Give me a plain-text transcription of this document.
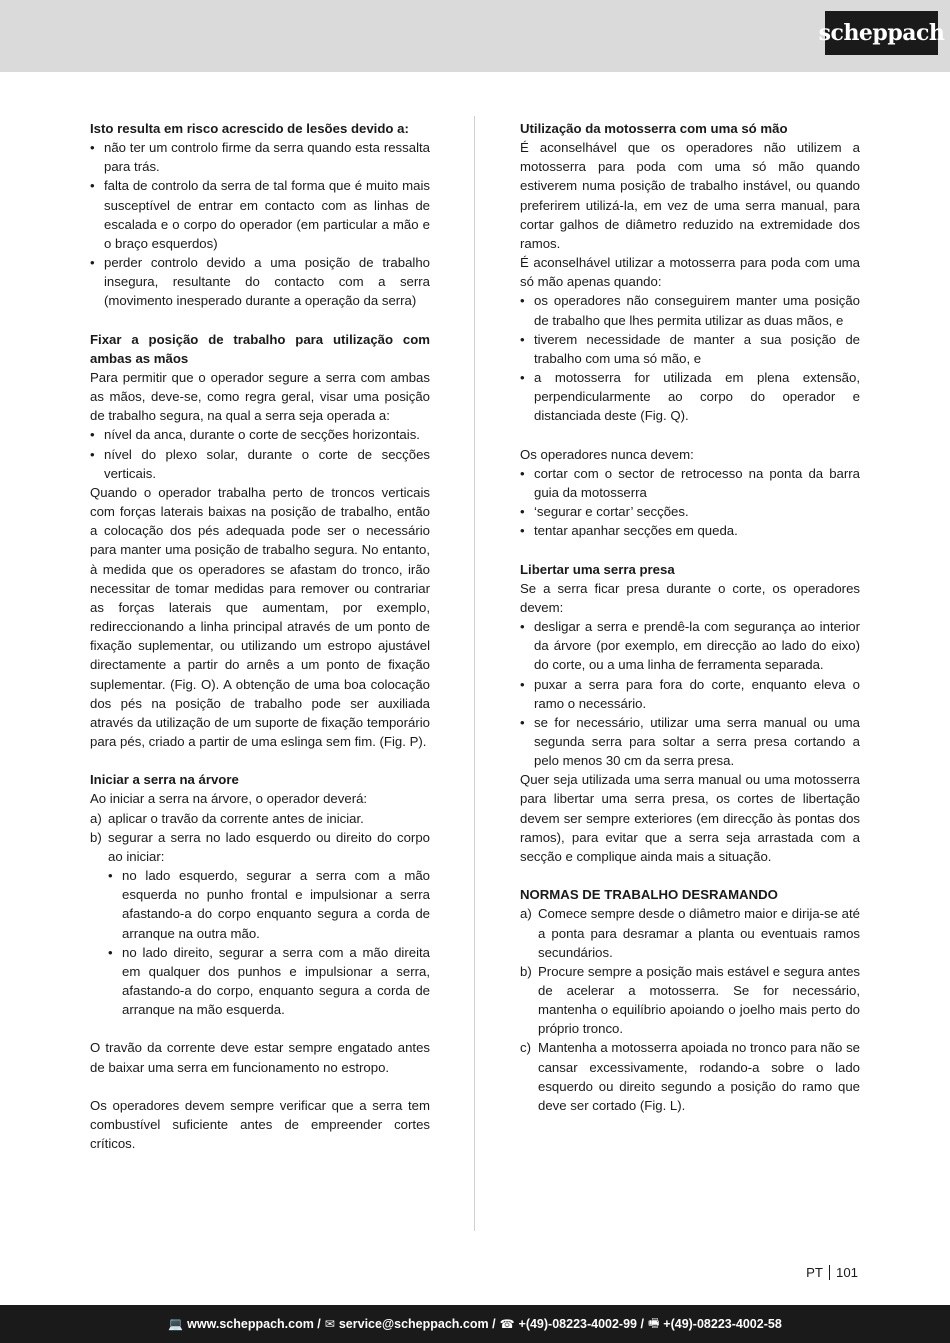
scheppach

Isto resulta em risco acrescido de lesões devido a:

• não ter um controlo firme da serra quando esta ressalta para trás.
• falta de controlo da serra de tal forma que é muito mais susceptível de entrar em contacto com as linhas de escalada e o corpo do operador (em particular a mão e o braço esquerdos)
• perder controlo devido a uma posição de trabalho insegura, resultante do contacto com a serra (movimento inesperado durante a operação da serra)

Fixar a posição de trabalho para utilização com ambas as mãos

Para permitir que o operador segure a serra com ambas as mãos, deve-se, como regra geral, visar uma posição de trabalho segura, na qual a serra seja operada a:

• nível da anca, durante o corte de secções horizontais.
• nível do plexo solar, durante o corte de secções verticais.

Quando o operador trabalha perto de troncos verticais com forças laterais baixas na posição de trabalho, então a colocação dos pés adequada pode ser o necessário para manter uma posição de trabalho segura. No entanto, à medida que os operadores se afastam do tronco, irão necessitar de tomar medidas para remover ou contrariar as forças laterais que aumentam, por exemplo, redireccionando a linha principal através de um ponto de fixação suplementar, ou utilizando um estropo ajustável directamente a partir do arnês a um ponto de fixação suplementar. (Fig. O). A obtenção de uma boa colocação dos pés na posição de trabalho pode ser auxiliada através da utilização de um suporte de fixação temporário para pés, criado a partir de uma eslinga sem fim. (Fig. P).

Iniciar a serra na árvore

Ao iniciar a serra na árvore, o operador deverá:

a) aplicar o travão da corrente antes de iniciar.
b) segurar a serra no lado esquerdo ou direito do corpo ao iniciar:
• no lado esquerdo, segurar a serra com a mão esquerda no punho frontal e impulsionar a serra afastando-a do corpo enquanto segura a corda de arranque na outra mão.
• no lado direito, segurar a serra com a mão direita em qualquer dos punhos e impulsionar a serra, afastando-a do corpo, enquanto segura a corda de arranque na mão esquerda.

O travão da corrente deve estar sempre engatado antes de baixar uma serra em funcionamento no estropo.

Os operadores devem sempre verificar que a serra tem combustível suficiente antes de empreender cortes críticos.

Utilização da motosserra com uma só mão

É aconselhável que os operadores não utilizem a motosserra para poda com uma só mão quando estiverem numa posição de trabalho instável, ou quando preferirem utilizá-la, em vez de uma serra manual, para cortar galhos de diâmetro reduzido na extremidade dos ramos.

É aconselhável utilizar a motosserra para poda com uma só mão apenas quando:

• os operadores não conseguirem manter uma posição de trabalho que lhes permita utilizar as duas mãos, e
• tiverem necessidade de manter a sua posição de trabalho com uma só mão, e
• a motosserra for utilizada em plena extensão, perpendicularmente ao corpo do operador e distanciada deste (Fig. Q).

Os operadores nunca devem:

• cortar com o sector de retrocesso na ponta da barra guia da motosserra
• ‘segurar e cortar’ secções.
• tentar apanhar secções em queda.

Libertar uma serra presa

Se a serra ficar presa durante o corte, os operadores devem:

• desligar a serra e prendê-la com segurança ao interior da árvore (por exemplo, em direcção ao lado do eixo) do corte, ou a uma linha de ferramenta separada.
• puxar a serra para fora do corte, enquanto eleva o ramo o necessário.
• se for necessário, utilizar uma serra manual ou uma segunda serra para soltar a serra presa cortando a pelo menos 30 cm da serra presa.

Quer seja utilizada uma serra manual ou uma motosserra para libertar uma serra presa, os cortes de libertação devem ser sempre exteriores (em direcção às pontas dos ramos), para evitar que a serra seja arrastada com a secção e complique ainda mais a situação.

NORMAS DE TRABALHO DESRAMANDO

a) Comece sempre desde o diâmetro maior e dirija-se até a ponta para desramar a planta ou eventuais ramos secundários.
b) Procure sempre a posição mais estável e segura antes de acelerar a motosserra. Se for necessário, mantenha o equilíbrio apoiando o joelho mais perto do próprio tronco.
c) Mantenha a motosserra apoiada no tronco para não se cansar excessivamente, rodando-a sobre o lado esquerdo ou direito segundo a posição do ramo que deve ser cortado (Fig. L).
PT 101
💻 www.scheppach.com / ✉ service@scheppach.com / ☎ +(49)-08223-4002-99 / 🖷 +(49)-08223-4002-58
